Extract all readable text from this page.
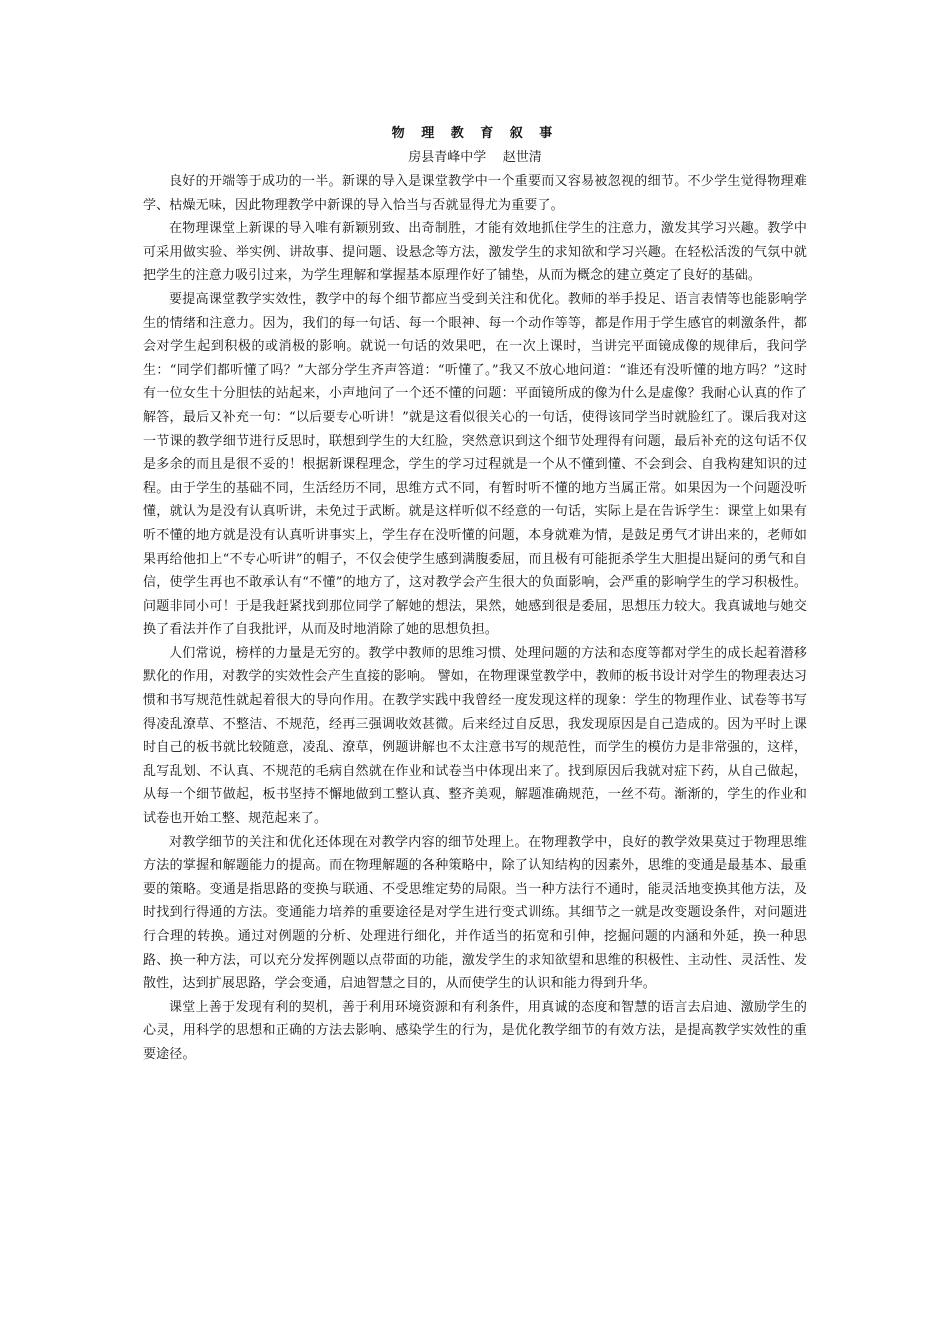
物 理 教 育 叙 事

房县青峰中学    赵世清

良好的开端等于成功的一半。新课的导入是课堂教学中一个重要而又容易被忽视的细节。不少学生觉得物理难学、枯燥无味，因此物理教学中新课的导入恰当与否就显得尤为重要了。

在物理课堂上新课的导入唯有新颖别致、出奇制胜，才能有效地抓住学生的注意力，激发其学习兴趣。教学中可采用做实验、举实例、讲故事、提问题、设悬念等方法，激发学生的求知欲和学习兴趣。在轻松活泼的气氛中就把学生的注意力吸引过来，为学生理解和掌握基本原理作好了铺垫，从而为概念的建立奠定了良好的基础。

要提高课堂教学实效性，教学中的每个细节都应当受到关注和优化。教师的举手投足、语言表情等也能影响学生的情绪和注意力。因为，我们的每一句话、每一个眼神、每一个动作等等，都是作用于学生感官的刺激条件，都会对学生起到积极的或消极的影响。就说一句话的效果吧，在一次上课时，当讲完平面镜成像的规律后，我问学生：“同学们都听懂了吗？”大部分学生齐声答道：“听懂了。”我又不放心地问道：“谁还有没听懂的地方吗？”这时有一位女生十分胆怯的站起来，小声地问了一个还不懂的问题：平面镜所成的像为什么是虚像？我耐心认真的作了解答，最后又补充一句：“以后要专心听讲！”就是这看似很关心的一句话，使得该同学当时就脸红了。课后我对这一节课的教学细节进行反思时，联想到学生的大红脸，突然意识到这个细节处理得有问题，最后补充的这句话不仅是多余的而且是很不妥的！根据新课程理念，学生的学习过程就是一个从不懂到懂、不会到会、自我构建知识的过程。由于学生的基础不同，生活经历不同，思维方式不同，有暂时听不懂的地方当属正常。如果因为一个问题没听懂，就认为是没有认真听讲，未免过于武断。就是这样听似不经意的一句话，实际上是在告诉学生：课堂上如果有听不懂的地方就是没有认真听讲事实上，学生存在没听懂的问题，本身就难为情，是鼓足勇气才讲出来的，老师如果再给他扣上“不专心听讲”的帽子，不仅会使学生感到满腹委屈，而且极有可能扼杀学生大胆提出疑问的勇气和自信，使学生再也不敢承认有“不懂”的地方了，这对教学会产生很大的负面影响，会严重的影响学生的学习积极性。问题非同小可！于是我赶紧找到那位同学了解她的想法，果然，她感到很是委屈，思想压力较大。我真诚地与她交换了看法并作了自我批评，从而及时地消除了她的思想负担。

人们常说，榜样的力量是无穷的。教学中教师的思维习惯、处理问题的方法和态度等都对学生的成长起着潜移默化的作用，对教学的实效性会产生直接的影响。 譬如，在物理课堂教学中，教师的板书设计对学生的物理表达习惯和书写规范性就起着很大的导向作用。在教学实践中我曾经一度发现这样的现象：学生的物理作业、试卷等书写得凌乱潦草、不整洁、不规范，经再三强调收效甚微。后来经过自反思，我发现原因是自己造成的。因为平时上课时自己的板书就比较随意，凌乱、潦草，例题讲解也不太注意书写的规范性，而学生的模仿力是非常强的，这样，乱写乱划、不认真、不规范的毛病自然就在作业和试卷当中体现出来了。找到原因后我就对症下药，从自己做起，从每一个细节做起，板书坚持不懈地做到工整认真、整齐美观，解题准确规范，一丝不苟。渐渐的，学生的作业和试卷也开始工整、规范起来了。

对教学细节的关注和优化还体现在对教学内容的细节处理上。在物理教学中，良好的教学效果莫过于物理思维方法的掌握和解题能力的提高。而在物理解题的各种策略中，除了认知结构的因素外，思维的变通是最基本、最重要的策略。变通是指思路的变换与联通、不受思维定势的局限。当一种方法行不通时，能灵活地变换其他方法，及时找到行得通的方法。变通能力培养的重要途径是对学生进行变式训练。其细节之一就是改变题设条件，对问题进行合理的转换。通过对例题的分析、处理进行细化，并作适当的拓宽和引伸，挖掘问题的内涵和外延，换一种思路、换一种方法，可以充分发挥例题以点带面的功能，激发学生的求知欲望和思维的积极性、主动性、灵活性、发散性，达到扩展思路，学会变通，启迪智慧之目的，从而使学生的认识和能力得到升华。

课堂上善于发现有利的契机，善于利用环境资源和有利条件，用真诚的态度和智慧的语言去启迪、激励学生的心灵，用科学的思想和正确的方法去影响、感染学生的行为，是优化教学细节的有效方法，是提高教学实效性的重要途径。
